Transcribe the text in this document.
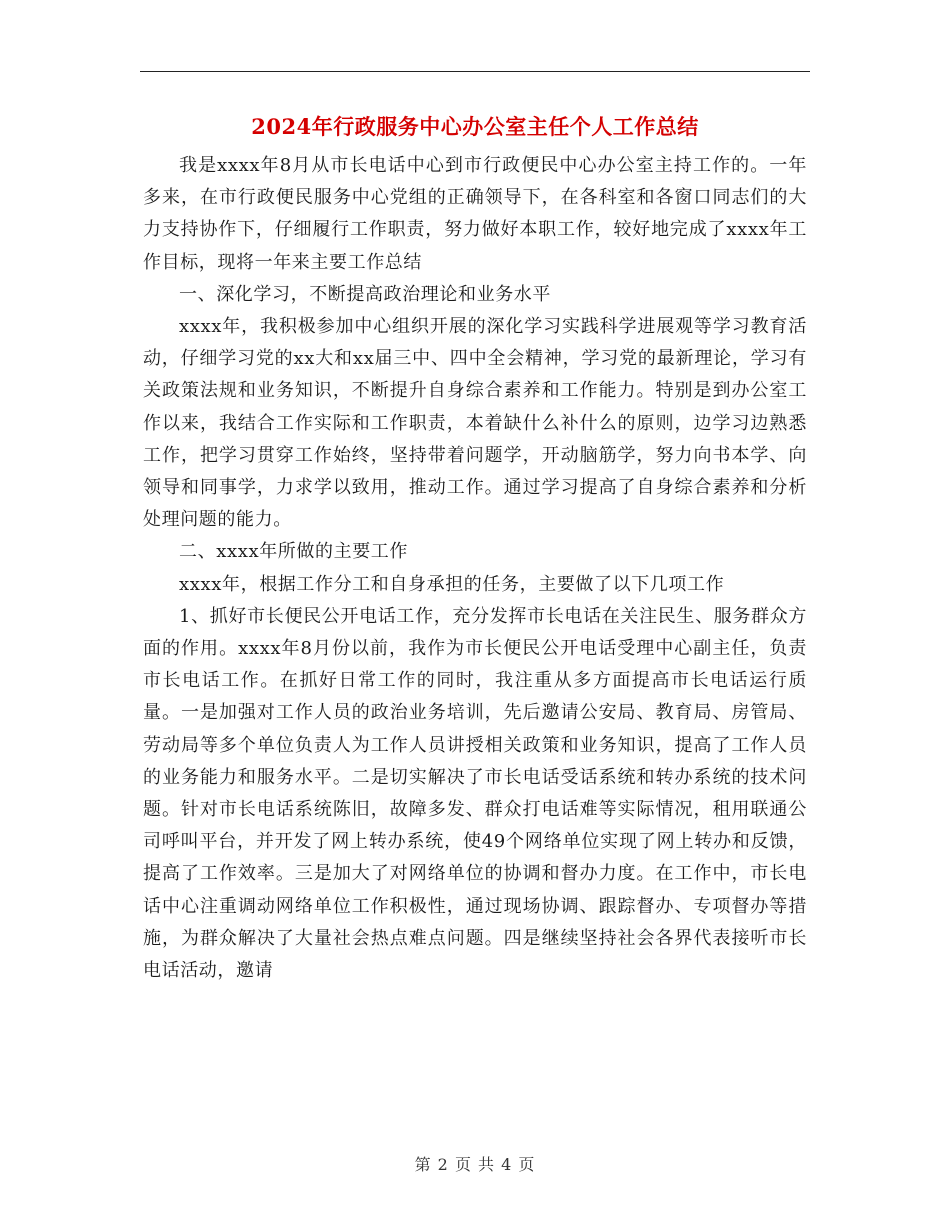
2024年行政服务中心办公室主任个人工作总结

我是xxxx年8月从市长电话中心到市行政便民中心办公室主持工作的。一年多来，在市行政便民服务中心党组的正确领导下，在各科室和各窗口同志们的大力支持协作下，仔细履行工作职责，努力做好本职工作，较好地完成了xxxx年工作目标，现将一年来主要工作总结

一、深化学习，不断提高政治理论和业务水平

xxxx年，我积极参加中心组织开展的深化学习实践科学进展观等学习教育活动，仔细学习党的xx大和xx届三中、四中全会精神，学习党的最新理论，学习有关政策法规和业务知识，不断提升自身综合素养和工作能力。特别是到办公室工作以来，我结合工作实际和工作职责，本着缺什么补什么的原则，边学习边熟悉工作，把学习贯穿工作始终，坚持带着问题学，开动脑筋学，努力向书本学、向领导和同事学，力求学以致用，推动工作。通过学习提高了自身综合素养和分析处理问题的能力。

二、xxxx年所做的主要工作

xxxx年，根据工作分工和自身承担的任务，主要做了以下几项工作

1、抓好市长便民公开电话工作，充分发挥市长电话在关注民生、服务群众方面的作用。xxxx年8月份以前，我作为市长便民公开电话受理中心副主任，负责市长电话工作。在抓好日常工作的同时，我注重从多方面提高市长电话运行质量。一是加强对工作人员的政治业务培训，先后邀请公安局、教育局、房管局、劳动局等多个单位负责人为工作人员讲授相关政策和业务知识，提高了工作人员的业务能力和服务水平。二是切实解决了市长电话受话系统和转办系统的技术问题。针对市长电话系统陈旧，故障多发、群众打电话难等实际情况，租用联通公司呼叫平台，并开发了网上转办系统，使49个网络单位实现了网上转办和反馈，提高了工作效率。三是加大了对网络单位的协调和督办力度。在工作中，市长电话中心注重调动网络单位工作积极性，通过现场协调、跟踪督办、专项督办等措施，为群众解决了大量社会热点难点问题。四是继续坚持社会各界代表接听市长电话活动，邀请

第 2 页 共 4 页
